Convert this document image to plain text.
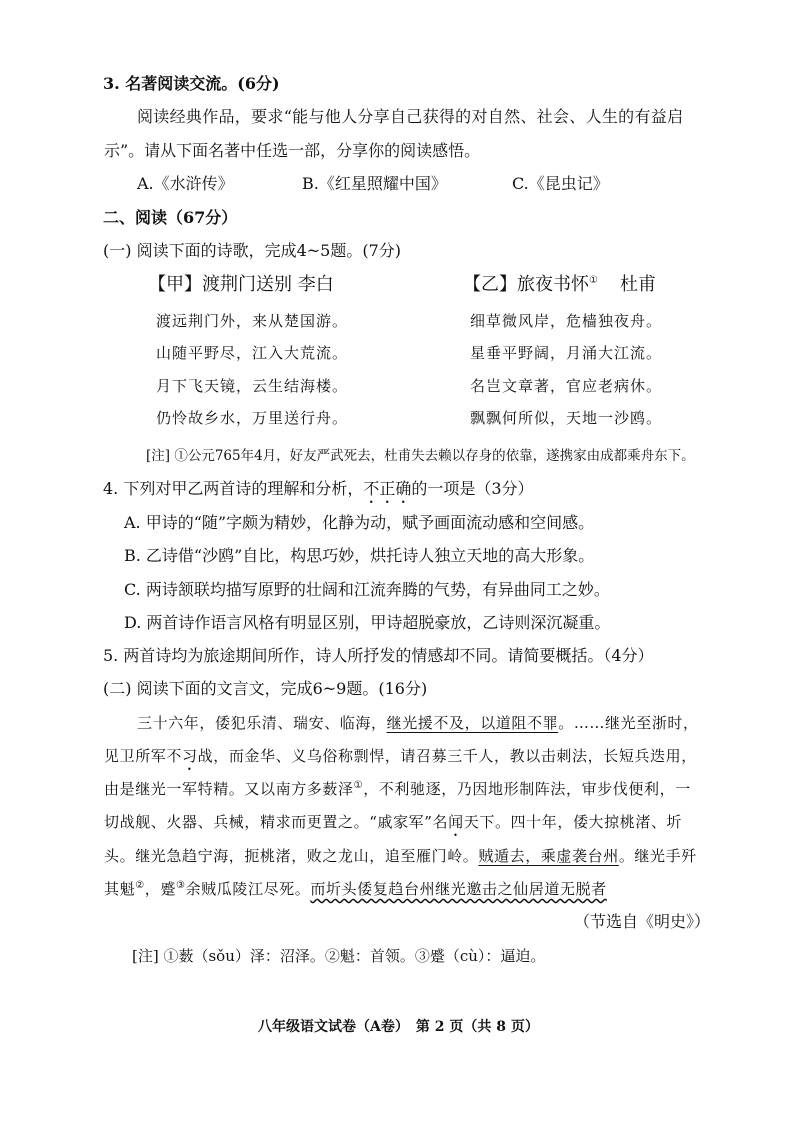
3. 名著阅读交流。(6分)
阅读经典作品，要求“能与他人分享自己获得的对自然、社会、人生的有益启
示”。请从下面名著中任选一部，分享你的阅读感悟。
A.《水浒传》	B.《红星照耀中国》	C.《昆虫记》
二、阅读（67分）
(一) 阅读下面的诗歌，完成4~5题。(7分)
【甲】渡荆门送别 李白
渡远荆门外，来从楚国游。
山随平野尽，江入大荒流。
月下飞天镜，云生结海楼。
仍怜故乡水，万里送行舟。
【乙】旅夜书怀① 杜甫
细草微风岸，危樯独夜舟。
星垂平野阔，月涌大江流。
名岂文章著，官应老病休。
飘飘何所似，天地一沙鸥。
[注] ①公元765年4月，好友严武死去，杜甫失去赖以存身的依靠，遂携家由成都乘舟东下。
4. 下列对甲乙两首诗的理解和分析，不正确的一项是（3分）
A. 甲诗的“随”字颇为精妙，化静为动，赋予画面流动感和空间感。
B. 乙诗借“沙鸥”自比，构思巧妙，烘托诗人独立天地的高大形象。
C. 两诗颔联均描写原野的壮阔和江流奔腾的气势，有异曲同工之妙。
D. 两首诗作语言风格有明显区别，甲诗超脱豪放，乙诗则深沉凝重。
5. 两首诗均为旅途期间所作，诗人所抒发的情感却不同。请简要概括。（4分）
(二) 阅读下面的文言文，完成6~9题。(16分)
三十六年，倭犯乐清、瑞安、临海，继光援不及，以道阻不罪。……继光至浙时，
见卫所军不习战，而金华、义乌俗称剽悍，请召募三千人，教以击刺法，长短兵迭用，
由是继光一军特精。又以南方多薮泽①，不利驰逐，乃因地形制阵法，审步伐便利，一
切战舰、火器、兵械，精求而更置之。“戚家军”名闻天下。四十年，倭大掠桃渚、圻
头。继光急趋宁海，扼桃渚，败之龙山，追至雁门岭。贼遁去，乘虚袭台州。继光手歼
其魁②，蹙③余贼瓜陵江尽死。而圻头倭复趋台州继光邀击之仙居道无脱者
（节选自《明史》）
[注] ①薮（sǒu）泽：沼泽。②魁：首领。③蹙（cù）：逼迫。
八年级语文试卷（A卷）　第 2 页（共 8 页）
